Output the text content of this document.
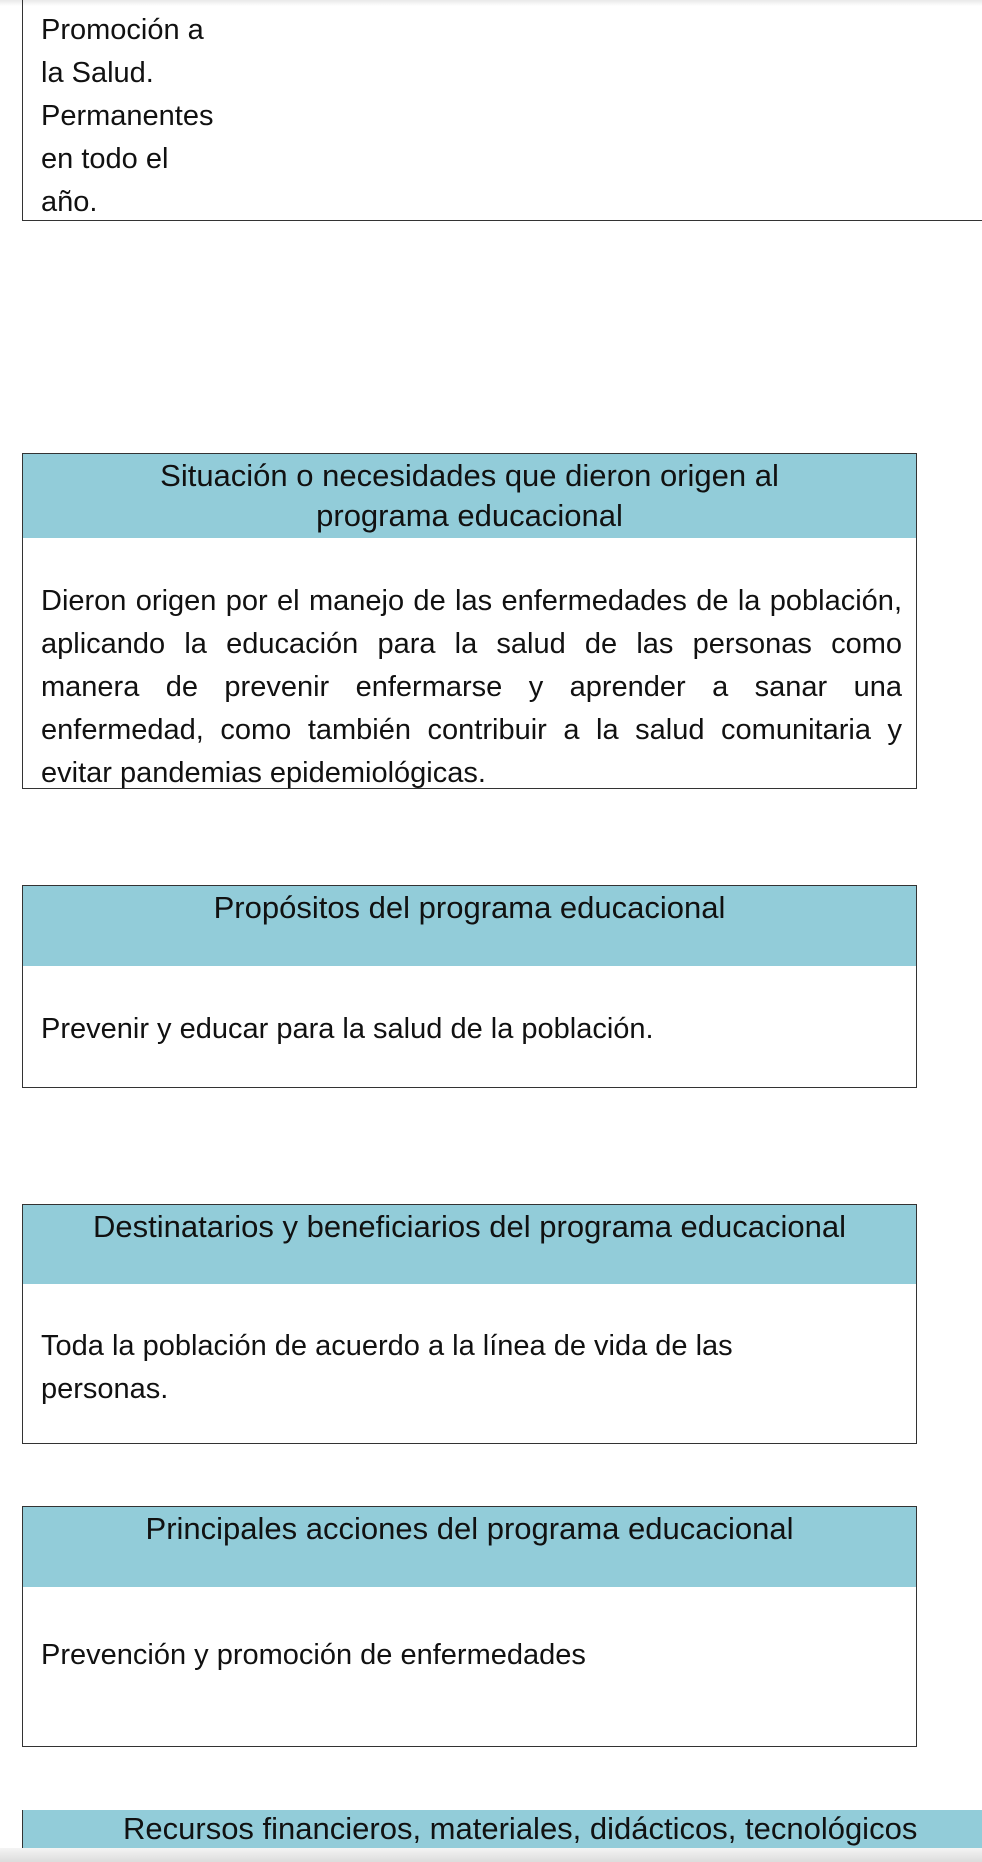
Promoción a
la Salud.
Permanentes
en todo el
año.
Situación o necesidades que dieron origen al
programa educacional
Dieron origen por el manejo de las enfermedades de la población, aplicando la educación para la salud de las personas como manera de prevenir enfermarse y aprender a sanar una enfermedad, como también contribuir a la salud comunitaria y evitar pandemias epidemiológicas.
Propósitos del programa educacional
Prevenir y educar para la salud de la población.
Destinatarios y beneficiarios del programa educacional
Toda la población de acuerdo a la línea de vida de las personas.
Principales acciones del programa educacional
Prevención y promoción de enfermedades
Recursos financieros, materiales, didácticos, tecnológicos
